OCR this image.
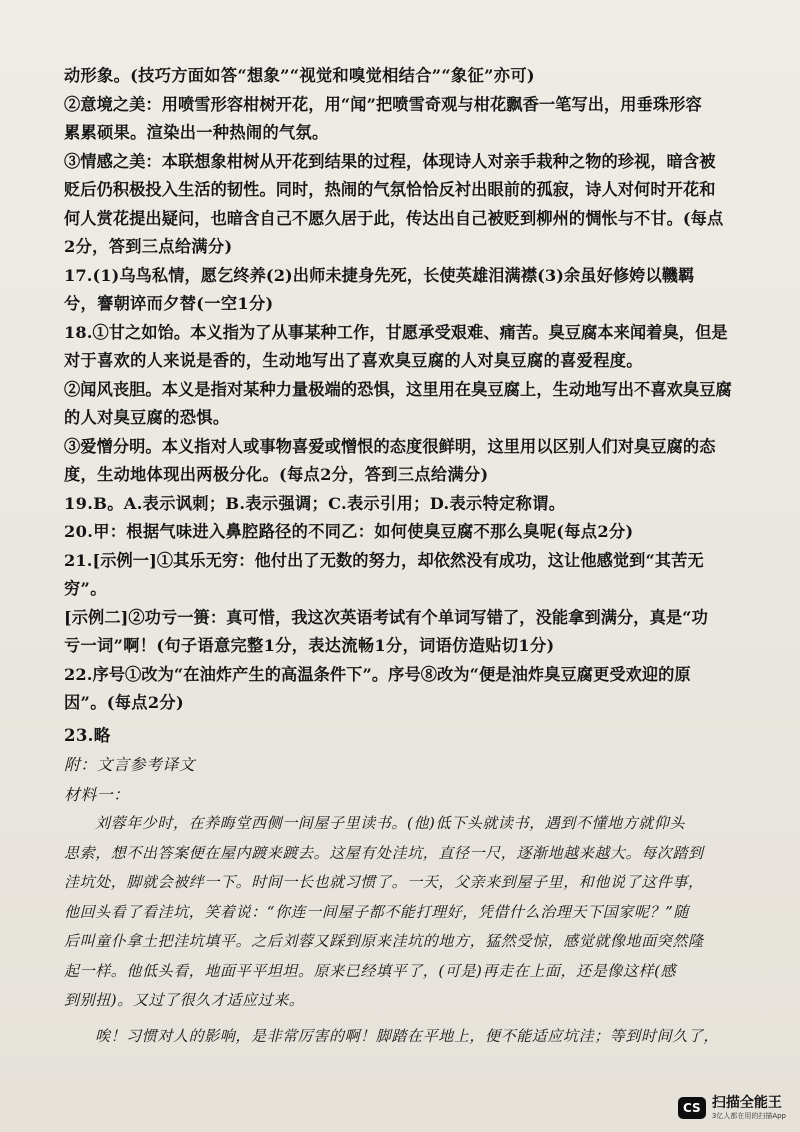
动形象。(技巧方面如答“想象”“视觉和嗅觉相结合”“象征”亦可)
②意境之美：用喷雪形容柑树开花，用“闻”把喷雪奇观与柑花飘香一笔写出，用垂珠形容
累累硕果。渲染出一种热闹的气氛。
③情感之美：本联想象柑树从开花到结果的过程，体现诗人对亲手栽种之物的珍视，暗含被
贬后仍积极投入生活的韧性。同时，热闹的气氛恰恰反衬出眼前的孤寂，诗人对何时开花和
何人赏花提出疑问，也暗含自己不愿久居于此，传达出自己被贬到柳州的惆怅与不甘。(每点
2分，答到三点给满分)
17.(1)乌鸟私情，愿乞终养(2)出师未捷身先死，长使英雄泪满襟(3)余虽好修姱以鞿羁
兮，謇朝谇而夕替(一空1分)
18.①甘之如饴。本义指为了从事某种工作，甘愿承受艰难、痛苦。臭豆腐本来闻着臭，但是
对于喜欢的人来说是香的，生动地写出了喜欢臭豆腐的人对臭豆腐的喜爱程度。
②闻风丧胆。本义是指对某种力量极端的恐惧，这里用在臭豆腐上，生动地写出不喜欢臭豆腐
的人对臭豆腐的恐惧。
③爱憎分明。本义指对人或事物喜爱或憎恨的态度很鲜明，这里用以区别人们对臭豆腐的态
度，生动地体现出两极分化。(每点2分，答到三点给满分)
19.B。A.表示讽刺；B.表示强调；C.表示引用；D.表示特定称谓。
20.甲：根据气味进入鼻腔路径的不同乙：如何使臭豆腐不那么臭呢(每点2分)
21.[示例一]①其乐无穷：他付出了无数的努力，却依然没有成功，这让他感觉到“其苦无
穷”。
[示例二]②功亏一篑：真可惜，我这次英语考试有个单词写错了，没能拿到满分，真是“功
亏一词”啊！(句子语意完整1分，表达流畅1分，词语仿造贴切1分)
22.序号①改为“在油炸产生的高温条件下”。序号⑧改为“便是油炸臭豆腐更受欢迎的原
因”。(每点2分)
23.略
附：文言参考译文
材料一：
刘蓉年少时，在养晦堂西侧一间屋子里读书。(他)低下头就读书，遇到不懂地方就仰头
思索，想不出答案便在屋内踱来踱去。这屋有处洼坑，直径一尺，逐渐地越来越大。每次踏到
洼坑处，脚就会被绊一下。时间一长也就习惯了。一天，父亲来到屋子里，和他说了这件事，
他回头看了看洼坑，笑着说：“你连一间屋子都不能打理好，凭借什么治理天下国家呢？”随
后叫童仆拿土把洼坑填平。之后刘蓉又踩到原来洼坑的地方，猛然受惊，感觉就像地面突然隆
起一样。他低头看，地面平平坦坦。原来已经填平了，(可是)再走在上面，还是像这样(感
到别扭)。又过了很久才适应过来。
唉！习惯对人的影响，是非常厉害的啊！脚踏在平地上，便不能适应坑洼；等到时间久了，
CS 扫描全能王
3亿人都在用的扫描App
